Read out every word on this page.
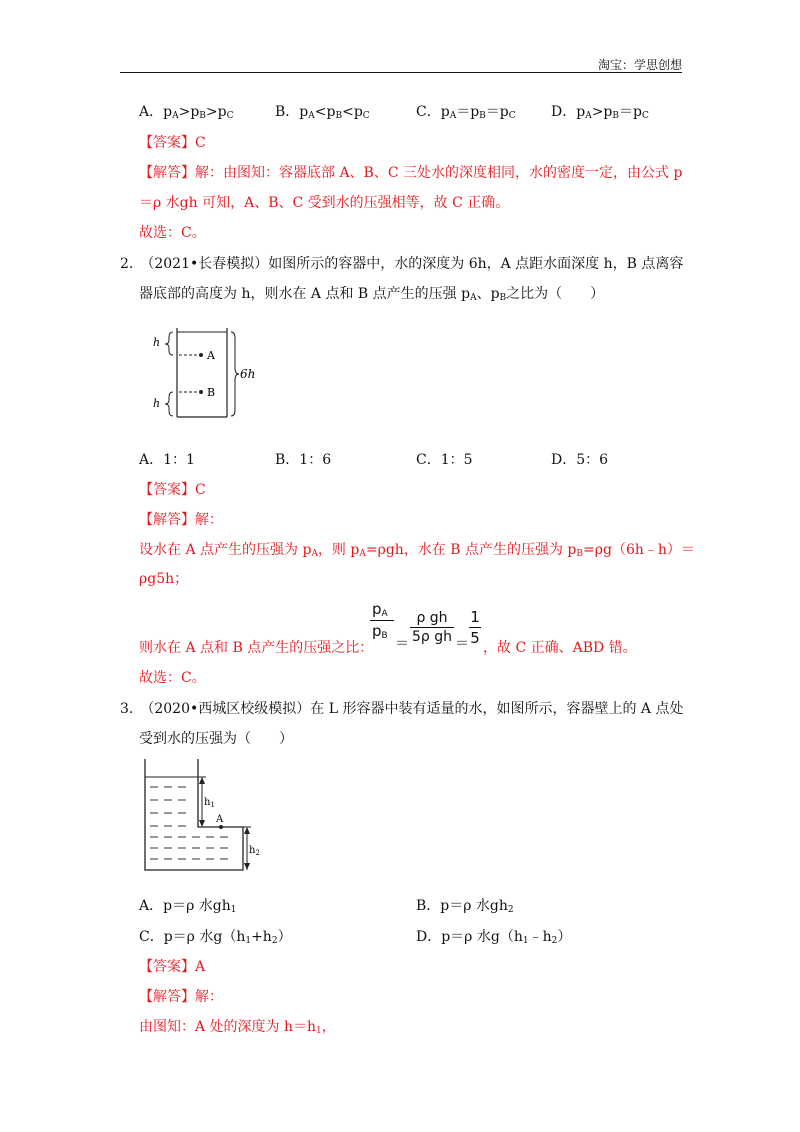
淘宝：学思创想
A．$p_A>p_B>p_C$	B．$p_A<p_B<p_C$	C．$p_A=p_B=p_C$	D．$p_A>p_B=p_C$
【答案】C
【解答】解：由图知：容器底部 A、B、C 三处水的深度相同，水的密度一定，由公式 p
＝ρ 水gh 可知，A、B、C 受到水的压强相等，故 C 正确。
故选：C。
2.　（2021•长春模拟）如图所示的容器中，水的深度为 6h，A 点距水面深度 h，B 点离容
器底部的高度为 h，则水在 A 点和 B 点产生的压强 $p_A$、$p_B$之比为（　　）
h
A
B
h
6h
A．1：1	B．1：6	C．1：5	D．5：6
【答案】C
【解答】解：
设水在 A 点产生的压强为 $p_A$，则 $p_A=\rho gh$，水在 B 点产生的压强为 $p_B=\rho g(6h﹣h)=$
ρg5h；
则水在 A 点和 B 点产生的压强之比：
$p_A$
$p_B$ ＝
ρ gh
5ρ gh ＝
1
5
，故 C 正确、ABD 错。
故选：C。
3.　（2020•西城区校级模拟）在 L 形容器中装有适量的水，如图所示，容器壁上的 A 点处
受到水的压强为（　　）
$h_1$
A
$h_2$
A．p＝ρ 水$gh_1$	B．p＝ρ 水$gh_2$
C．p＝ρ 水$g(h_1+h_2)$	D．p＝ρ 水$g(h_1﹣h_2)$
【答案】A
【解答】解：
由图知：A 处的深度为 $h=h_1$，
